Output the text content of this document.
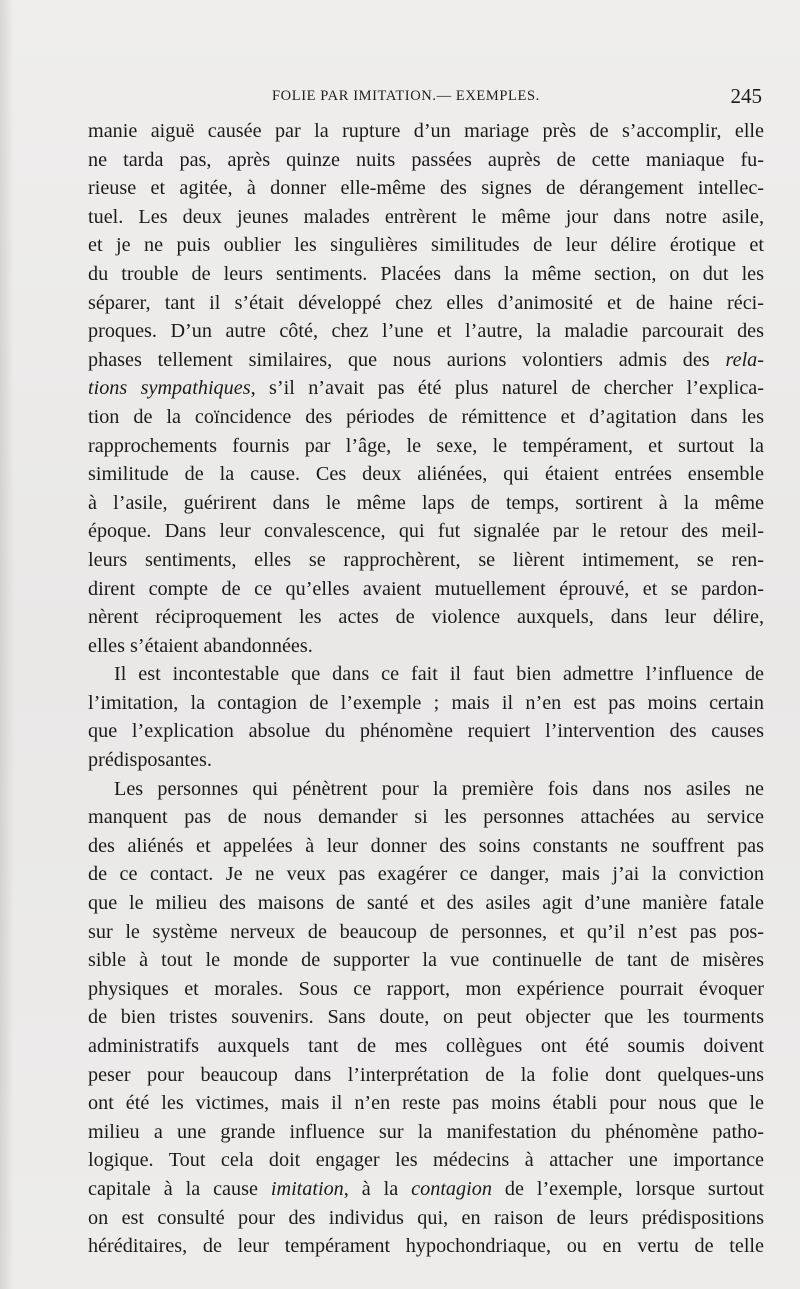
FOLIE PAR IMITATION.— EXEMPLES.	245
manie aiguë causée par la rupture d’un mariage près de s’accomplir, elle
ne tarda pas, après quinze nuits passées auprès de cette maniaque fu-
rieuse et agitée, à donner elle-même des signes de dérangement intellec-
tuel. Les deux jeunes malades entrèrent le même jour dans notre asile,
et je ne puis oublier les singulières similitudes de leur délire érotique et
du trouble de leurs sentiments. Placées dans la même section, on dut les
séparer, tant il s’était développé chez elles d’animosité et de haine réci-
proques. D’un autre côté, chez l’une et l’autre, la maladie parcourait des
phases tellement similaires, que nous aurions volontiers admis des rela-
tions sympathiques, s’il n’avait pas été plus naturel de chercher l’explica-
tion de la coïncidence des périodes de rémittence et d’agitation dans les
rapprochements fournis par l’âge, le sexe, le tempérament, et surtout la
similitude de la cause. Ces deux aliénées, qui étaient entrées ensemble
à l’asile, guérirent dans le même laps de temps, sortirent à la même
époque. Dans leur convalescence, qui fut signalée par le retour des meil-
leurs sentiments, elles se rapprochèrent, se lièrent intimement, se ren-
dirent compte de ce qu’elles avaient mutuellement éprouvé, et se pardon-
nèrent réciproquement les actes de violence auxquels, dans leur délire,
elles s’étaient abandonnées.
Il est incontestable que dans ce fait il faut bien admettre l’influence de
l’imitation, la contagion de l’exemple ; mais il n’en est pas moins certain
que l’explication absolue du phénomène requiert l’intervention des causes
prédisposantes.
Les personnes qui pénètrent pour la première fois dans nos asiles ne
manquent pas de nous demander si les personnes attachées au service
des aliénés et appelées à leur donner des soins constants ne souffrent pas
de ce contact. Je ne veux pas exagérer ce danger, mais j’ai la conviction
que le milieu des maisons de santé et des asiles agit d’une manière fatale
sur le système nerveux de beaucoup de personnes, et qu’il n’est pas pos-
sible à tout le monde de supporter la vue continuelle de tant de misères
physiques et morales. Sous ce rapport, mon expérience pourrait évoquer
de bien tristes souvenirs. Sans doute, on peut objecter que les tourments
administratifs auxquels tant de mes collègues ont été soumis doivent
peser pour beaucoup dans l’interprétation de la folie dont quelques-uns
ont été les victimes, mais il n’en reste pas moins établi pour nous que le
milieu a une grande influence sur la manifestation du phénomène patho-
logique. Tout cela doit engager les médecins à attacher une importance
capitale à la cause imitation, à la contagion de l’exemple, lorsque surtout
on est consulté pour des individus qui, en raison de leurs prédispositions
héréditaires, de leur tempérament hypochondriaque, ou en vertu de telle
